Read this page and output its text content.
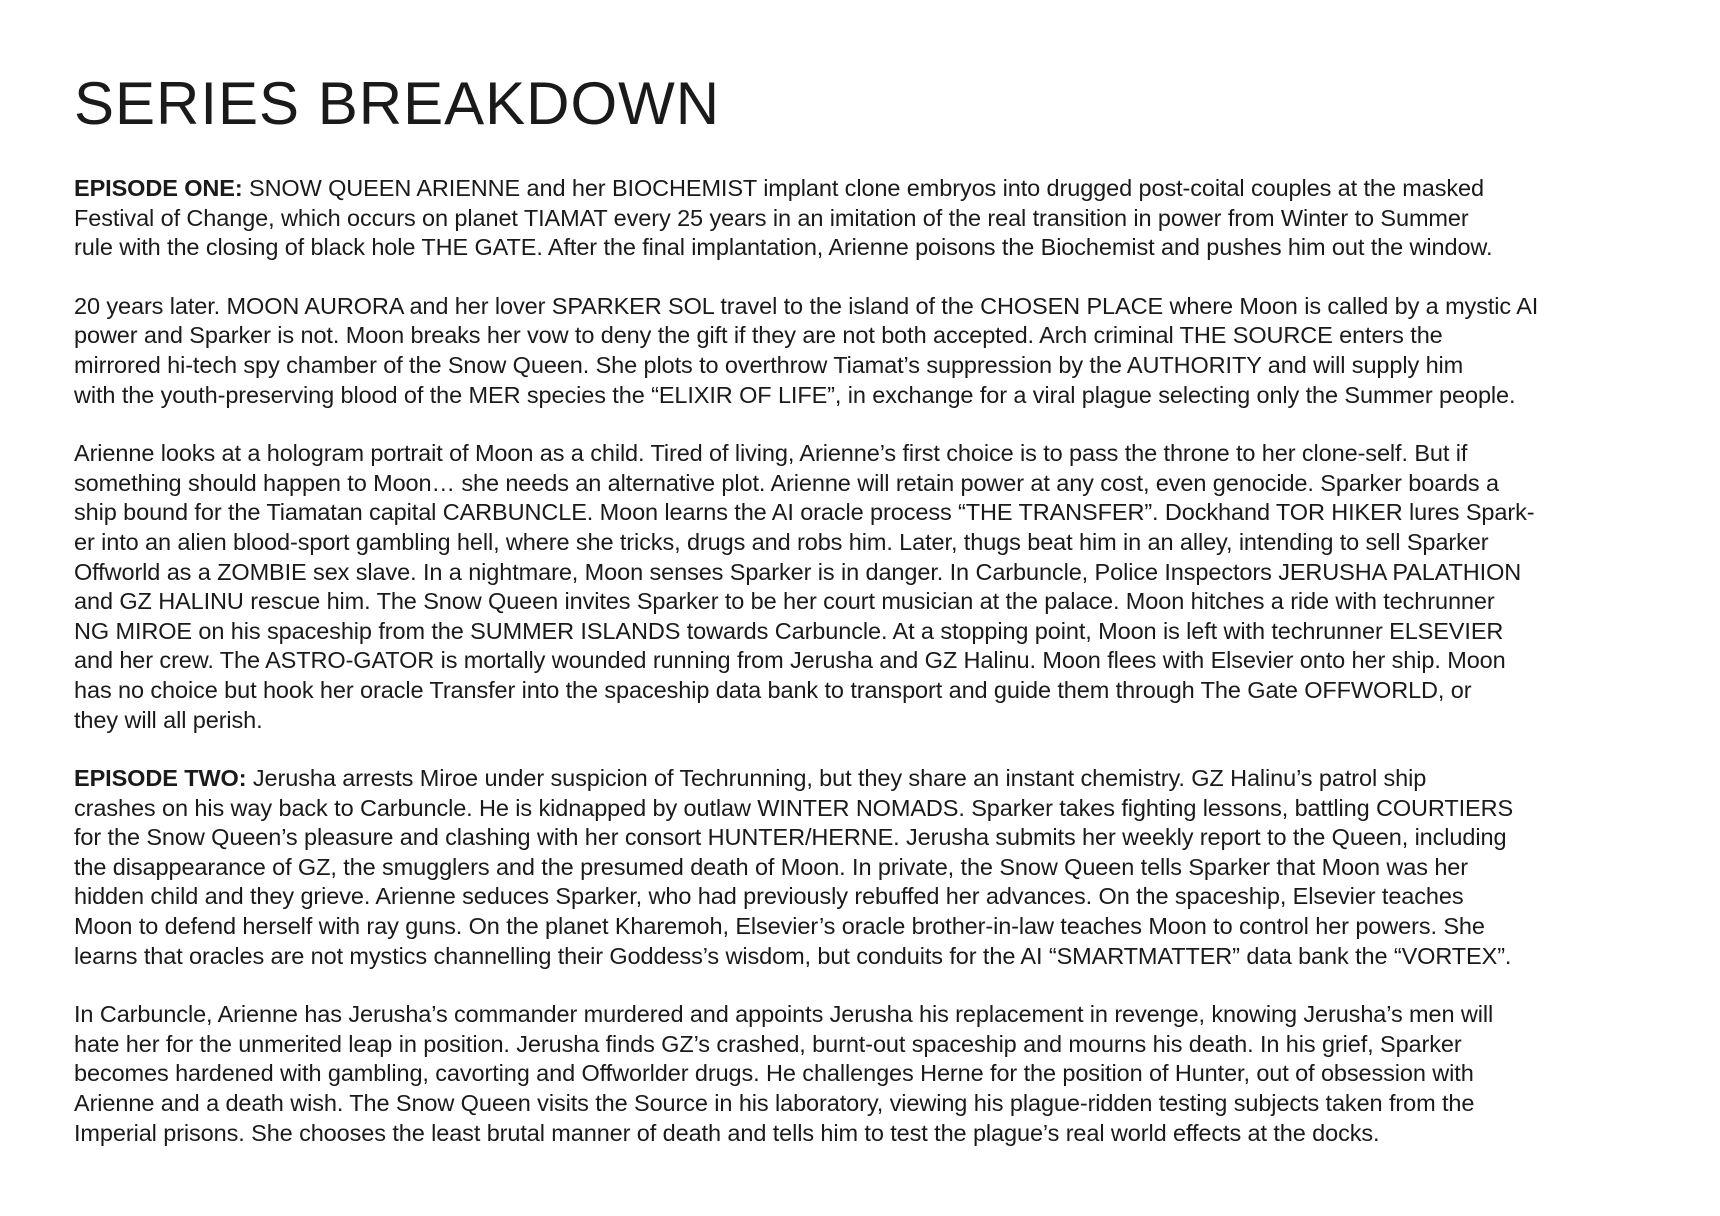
SERIES BREAKDOWN

EPISODE ONE: SNOW QUEEN ARIENNE and her BIOCHEMIST implant clone embryos into drugged post-coital couples at the masked
Festival of Change, which occurs on planet TIAMAT every 25 years in an imitation of the real transition in power from Winter to Summer
rule with the closing of black hole THE GATE. After the final implantation, Arienne poisons the Biochemist and pushes him out the window.

20 years later. MOON AURORA and her lover SPARKER SOL travel to the island of the CHOSEN PLACE where Moon is called by a mystic AI
power and Sparker is not. Moon breaks her vow to deny the gift if they are not both accepted. Arch criminal THE SOURCE enters the
mirrored hi-tech spy chamber of the Snow Queen. She plots to overthrow Tiamat’s suppression by the AUTHORITY and will supply him
with the youth-preserving blood of the MER species the “ELIXIR OF LIFE”, in exchange for a viral plague selecting only the Summer people.

Arienne looks at a hologram portrait of Moon as a child. Tired of living, Arienne’s first choice is to pass the throne to her clone-self. But if
something should happen to Moon… she needs an alternative plot. Arienne will retain power at any cost, even genocide. Sparker boards a
ship bound for the Tiamatan capital CARBUNCLE. Moon learns the AI oracle process “THE TRANSFER”. Dockhand TOR HIKER lures Spark-
er into an alien blood-sport gambling hell, where she tricks, drugs and robs him. Later, thugs beat him in an alley, intending to sell Sparker
Offworld as a ZOMBIE sex slave. In a nightmare, Moon senses Sparker is in danger. In Carbuncle, Police Inspectors JERUSHA PALATHION
and GZ HALINU rescue him. The Snow Queen invites Sparker to be her court musician at the palace. Moon hitches a ride with techrunner
NG MIROE on his spaceship from the SUMMER ISLANDS towards Carbuncle. At a stopping point, Moon is left with techrunner ELSEVIER
and her crew. The ASTRO-GATOR is mortally wounded running from Jerusha and GZ Halinu. Moon flees with Elsevier onto her ship. Moon
has no choice but hook her oracle Transfer into the spaceship data bank to transport and guide them through The Gate OFFWORLD, or
they will all perish.

EPISODE TWO: Jerusha arrests Miroe under suspicion of Techrunning, but they share an instant chemistry. GZ Halinu’s patrol ship
crashes on his way back to Carbuncle. He is kidnapped by outlaw WINTER NOMADS. Sparker takes fighting lessons, battling COURTIERS
for the Snow Queen’s pleasure and clashing with her consort HUNTER/HERNE. Jerusha submits her weekly report to the Queen, including
the disappearance of GZ, the smugglers and the presumed death of Moon. In private, the Snow Queen tells Sparker that Moon was her
hidden child and they grieve. Arienne seduces Sparker, who had previously rebuffed her advances. On the spaceship, Elsevier teaches
Moon to defend herself with ray guns. On the planet Kharemoh, Elsevier’s oracle brother-in-law teaches Moon to control her powers. She
learns that oracles are not mystics channelling their Goddess’s wisdom, but conduits for the AI “SMARTMATTER” data bank the “VORTEX”.

In Carbuncle, Arienne has Jerusha’s commander murdered and appoints Jerusha his replacement in revenge, knowing Jerusha’s men will
hate her for the unmerited leap in position. Jerusha finds GZ’s crashed, burnt-out spaceship and mourns his death. In his grief, Sparker
becomes hardened with gambling, cavorting and Offworlder drugs. He challenges Herne for the position of Hunter, out of obsession with
Arienne and a death wish. The Snow Queen visits the Source in his laboratory, viewing his plague-ridden testing subjects taken from the
Imperial prisons. She chooses the least brutal manner of death and tells him to test the plague’s real world effects at the docks.
